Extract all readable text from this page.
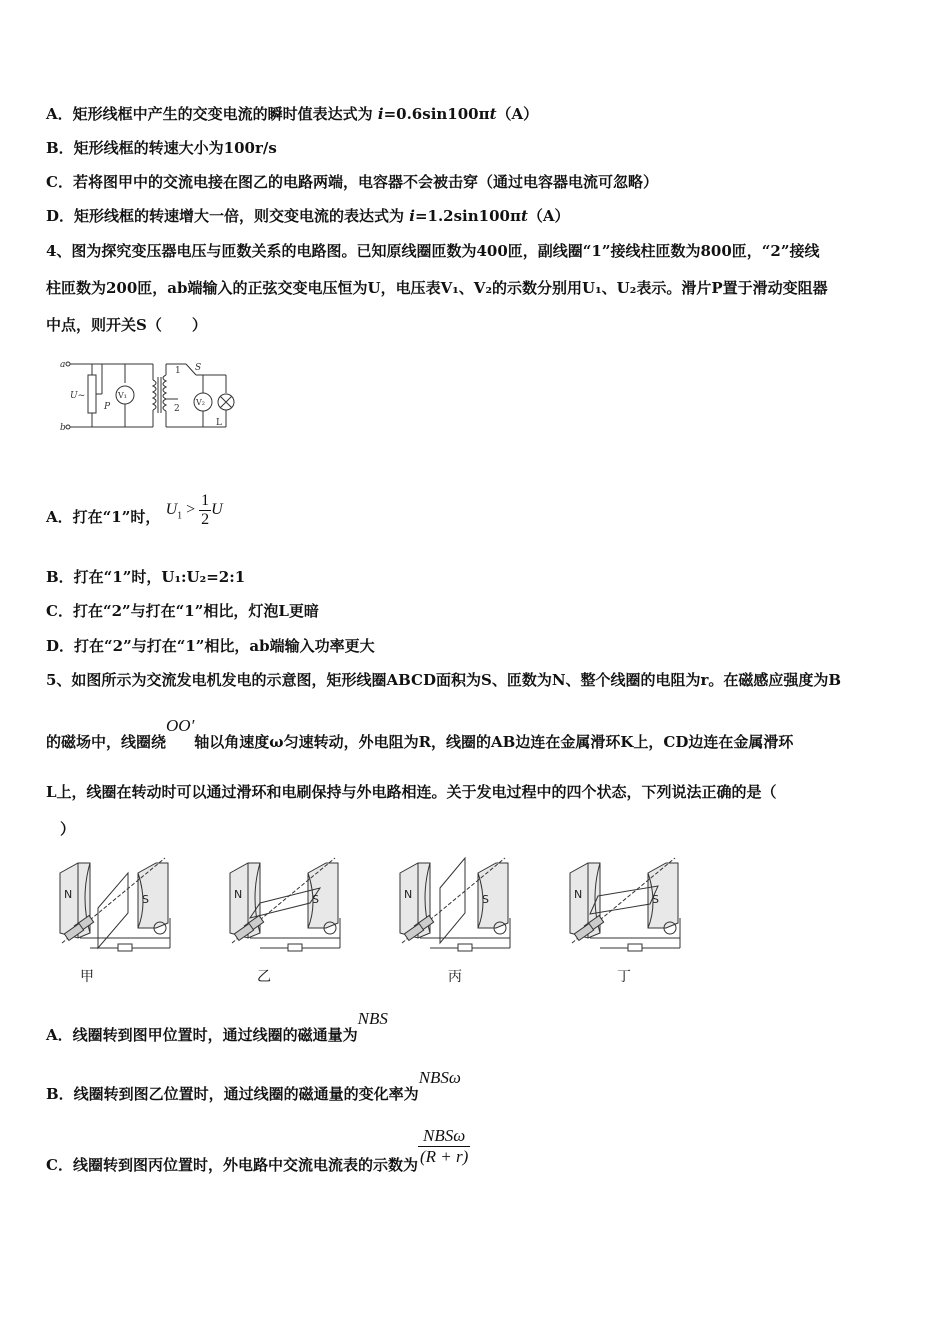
A．矩形线框中产生的交变电流的瞬时值表达式为 i=0.6sin100πt（A）
B．矩形线框的转速大小为100r/s
C．若将图甲中的交流电接在图乙的电路两端，电容器不会被击穿（通过电容器电流可忽略）
D．矩形线框的转速增大一倍，则交变电流的表达式为 i=1.2sin100πt（A）
4、图为探究变压器电压与匝数关系的电路图。已知原线圈匝数为400匝，副线圈“1”接线柱匝数为800匝，“2”接线
柱匝数为200匝，ab端输入的正弦交变电压恒为U，电压表V₁、V₂的示数分别用U₁、U₂表示。滑片P置于滑动变阻器
中点，则开关S（　　）
a
b
U~
P
V₁
V₂
S
1
2
L
A．打在“1”时， $U_1 > \frac{1}{2}$ U
B．打在“1”时，U₁:U₂=2:1
C．打在“2”与打在“1”相比，灯泡L更暗
D．打在“2”与打在“1”相比，ab端输入功率更大
5、如图所示为交流发电机发电的示意图，矩形线圈ABCD面积为S、匝数为N、整个线圈的电阻为r。在磁感应强度为B
的磁场中，线圈绕OO′轴以角速度ω匀速转动，外电阻为R，线圈的AB边连在金属滑环K上，CD边连在金属滑环
L上，线圈在转动时可以通过滑环和电刷保持与外电路相连。关于发电过程中的四个状态，下列说法正确的是（
）
N	S	N	S	N	S	N	S
甲	乙	丙	丁
A．线圈转到图甲位置时，通过线圈的磁通量为NBS
B．线圈转到图乙位置时，通过线圈的磁通量的变化率为NBSω
C．线圈转到图丙位置时，外电路中交流电流表的示数为 $\frac{\text{NBSω}}{(R + r)}$
